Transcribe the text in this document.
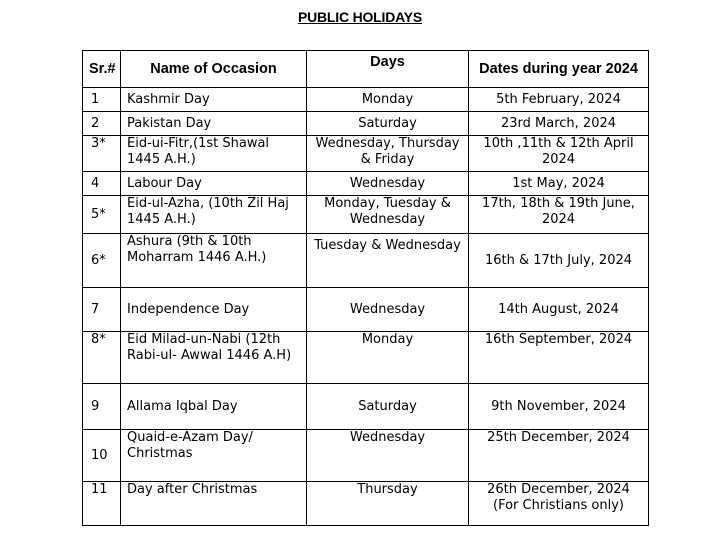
PUBLIC HOLIDAYS
Sr.#	Name of Occasion	Days	Dates during year 2024
1	Kashmir Day	Monday	5th February, 2024
2	Pakistan Day	Saturday	23rd March, 2024
3*	Eid-ui-Fitr,(1st Shawal 1445 A.H.)	Wednesday, Thursday & Friday	10th ,11th & 12th April 2024
4	Labour Day	Wednesday	1st May, 2024
5*	Eid-ul-Azha, (10th Zil Haj 1445 A.H.)	Monday, Tuesday & Wednesday	17th, 18th & 19th June, 2024
6*	Ashura (9th & 10th Moharram 1446 A.H.)	Tuesday & Wednesday	16th & 17th July, 2024
7	Independence Day	Wednesday	14th August, 2024
8*	Eid Milad-un-Nabi (12th Rabi-ul- Awwal 1446 A.H)	Monday	16th September, 2024
9	Allama Iqbal Day	Saturday	9th November, 2024
10	Quaid-e-Azam Day/ Christmas	Wednesday	25th December, 2024
11	Day after Christmas	Thursday	26th December, 2024 (For Christians only)
